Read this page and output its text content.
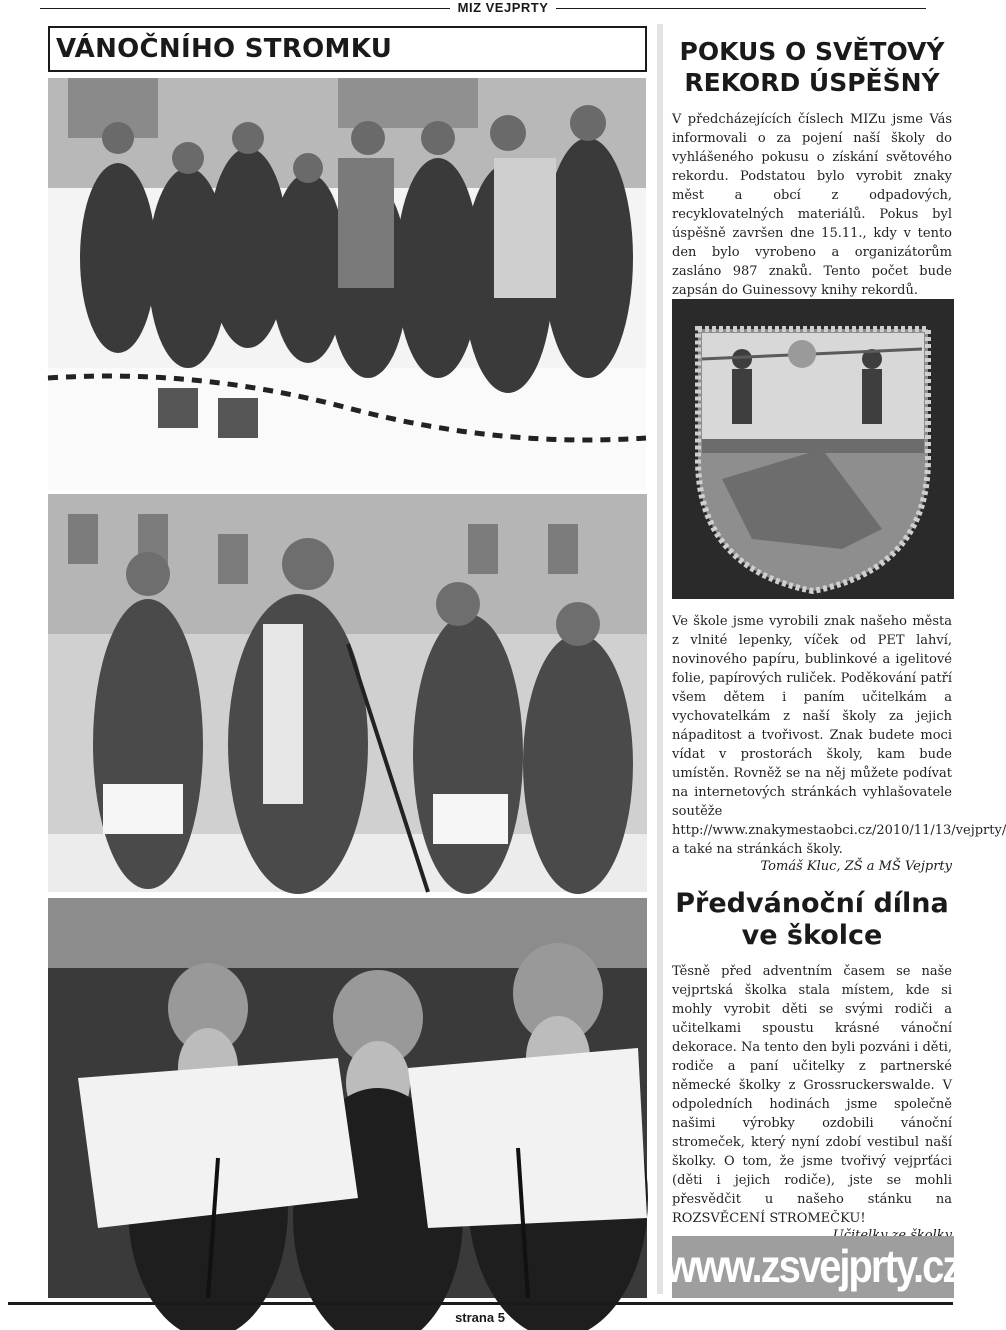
MIZ VEJPRTY
VÁNOČNÍHO STROMKU	POKUS O SVĚTOVÝ REKORD ÚSPĚŠNÝ

V předcházejících číslech MIZu jsme Vás informovali o za pojení naší školy do vyhlášeného pokusu o získání světového rekordu. Podstatou bylo vyrobit znaky měst a obcí z odpadových, recyklovatelných materiálů. Pokus byl úspěšně završen dne 15.11., kdy v tento den bylo vyrobeno a organizátorům zasláno 987 znaků. Tento počet bude zapsán do Guinessovy knihy rekordů.

Ve škole jsme vyrobili znak našeho města z vlnité lepenky, víček od PET lahví, novinového papíru, bublinkové a igelitové folie, papírových ruliček. Poděkování patří všem dětem i paním učitelkám a vychovatelkám z naší školy za jejich nápaditost a tvořivost. Znak budete moci vídat v prostorách školy, kam bude umístěn. Rovněž se na něj můžete podívat na internetových stránkách vyhlašovatele soutěže http://www.znakymestaobci.cz/2010/11/13/vejprty/ a také na stránkách školy.

Tomáš Kluc, ZŠ a MŠ Vejprty

Předvánoční dílna ve školce

Těsně před adventním časem se naše vejprtská školka stala místem, kde si mohly vyrobit děti se svými rodiči a učitelkami spoustu krásné vánoční dekorace. Na tento den byli pozváni i děti, rodiče a paní učitelky z partnerské německé školky z Grossruckerswalde. V odpoledních hodinách jsme společně našimi výrobky ozdobili vánoční stromeček, který nyní zdobí vestibul naší školky. O tom, že jsme tvořivý vejprťáci (děti i jejich rodiče), jste se mohli přesvědčit u našeho stánku na ROZSVĚCENÍ STROMEČKU!

www.zsvejprty.cz
strana 5
